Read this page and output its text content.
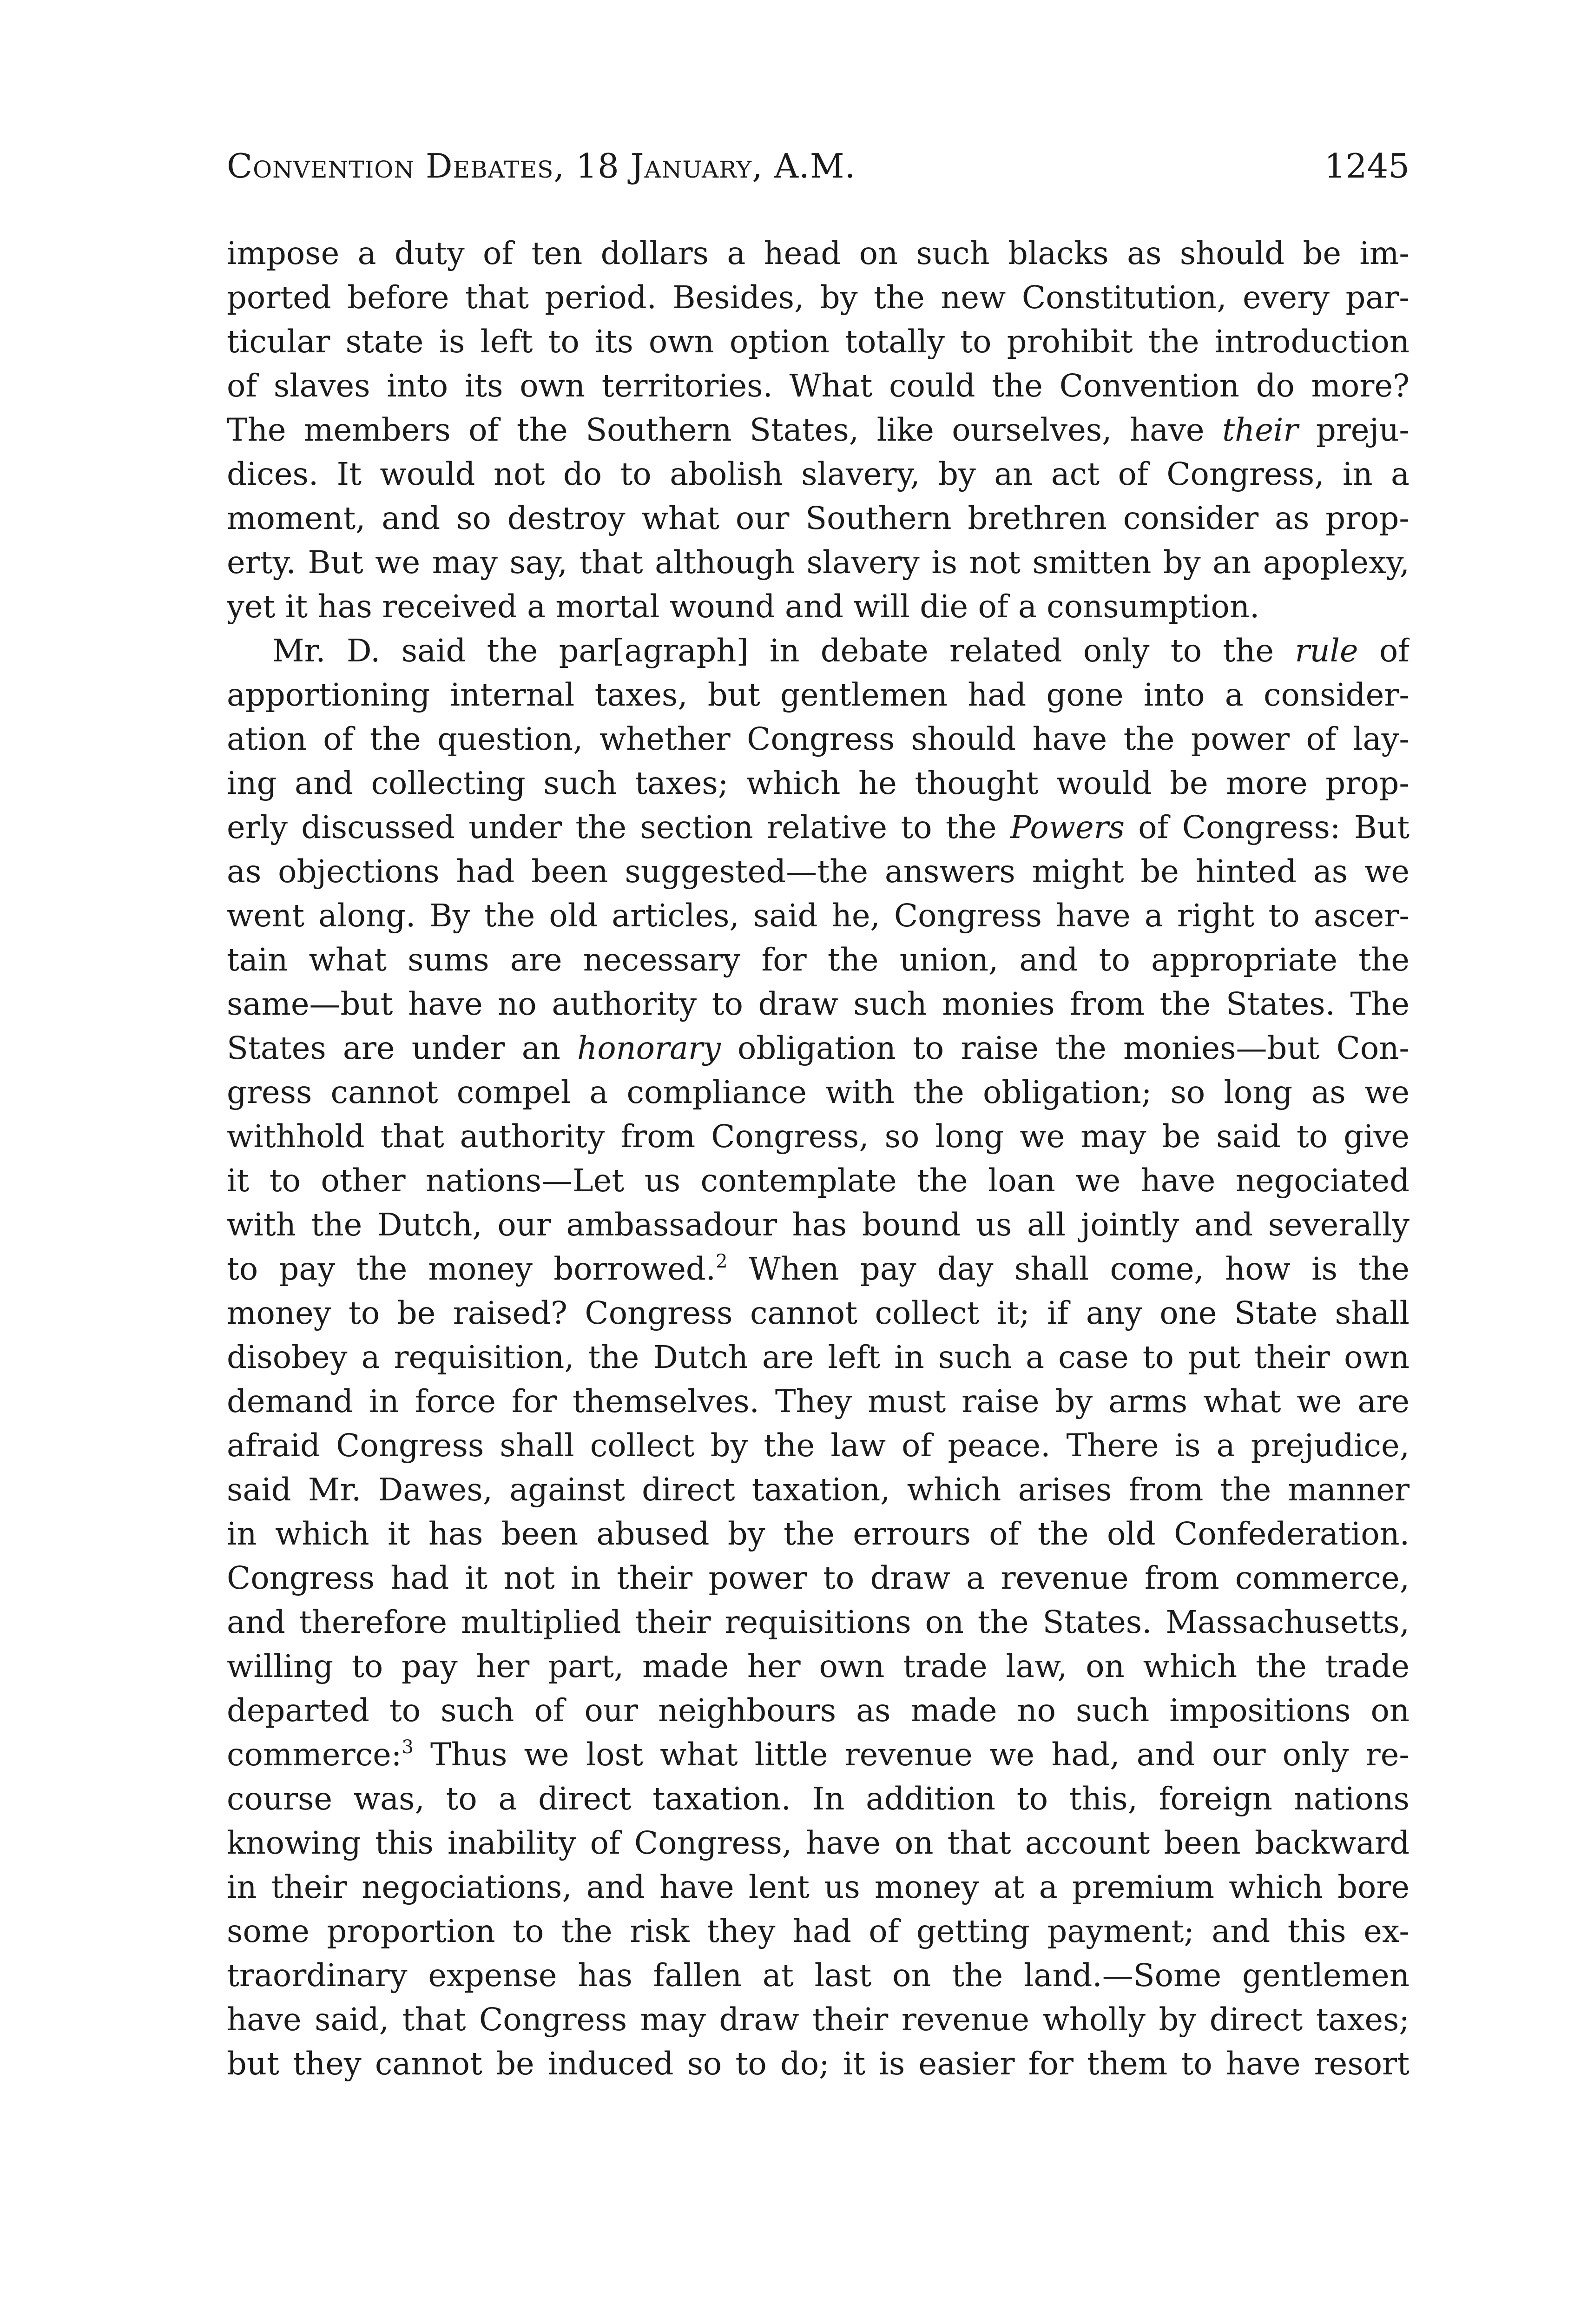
Convention Debates, 18 January, A.M.	1245
impose a duty of ten dollars a head on such blacks as should be im-
ported before that period. Besides, by the new Constitution, every par-
ticular state is left to its own option totally to prohibit the introduction
of slaves into its own territories. What could the Convention do more?
The members of the Southern States, like ourselves, have their preju-
dices. It would not do to abolish slavery, by an act of Congress, in a
moment, and so destroy what our Southern brethren consider as prop-
erty. But we may say, that although slavery is not smitten by an apoplexy,
yet it has received a mortal wound and will die of a consumption.
Mr. D. said the par[agraph] in debate related only to the rule of
apportioning internal taxes, but gentlemen had gone into a consider-
ation of the question, whether Congress should have the power of lay-
ing and collecting such taxes; which he thought would be more prop-
erly discussed under the section relative to the Powers of Congress: But
as objections had been suggested—the answers might be hinted as we
went along. By the old articles, said he, Congress have a right to ascer-
tain what sums are necessary for the union, and to appropriate the
same—but have no authority to draw such monies from the States. The
States are under an honorary obligation to raise the monies—but Con-
gress cannot compel a compliance with the obligation; so long as we
withhold that authority from Congress, so long we may be said to give
it to other nations—Let us contemplate the loan we have negociated
with the Dutch, our ambassadour has bound us all jointly and severally
to pay the money borrowed.$^2$ When pay day shall come, how is the
money to be raised? Congress cannot collect it; if any one State shall
disobey a requisition, the Dutch are left in such a case to put their own
demand in force for themselves. They must raise by arms what we are
afraid Congress shall collect by the law of peace. There is a prejudice,
said Mr. Dawes, against direct taxation, which arises from the manner
in which it has been abused by the errours of the old Confederation.
Congress had it not in their power to draw a revenue from commerce,
and therefore multiplied their requisitions on the States. Massachusetts,
willing to pay her part, made her own trade law, on which the trade
departed to such of our neighbours as made no such impositions on
commerce:$^3$ Thus we lost what little revenue we had, and our only re-
course was, to a direct taxation. In addition to this, foreign nations
knowing this inability of Congress, have on that account been backward
in their negociations, and have lent us money at a premium which bore
some proportion to the risk they had of getting payment; and this ex-
traordinary expense has fallen at last on the land.—Some gentlemen
have said, that Congress may draw their revenue wholly by direct taxes;
but they cannot be induced so to do; it is easier for them to have resort
